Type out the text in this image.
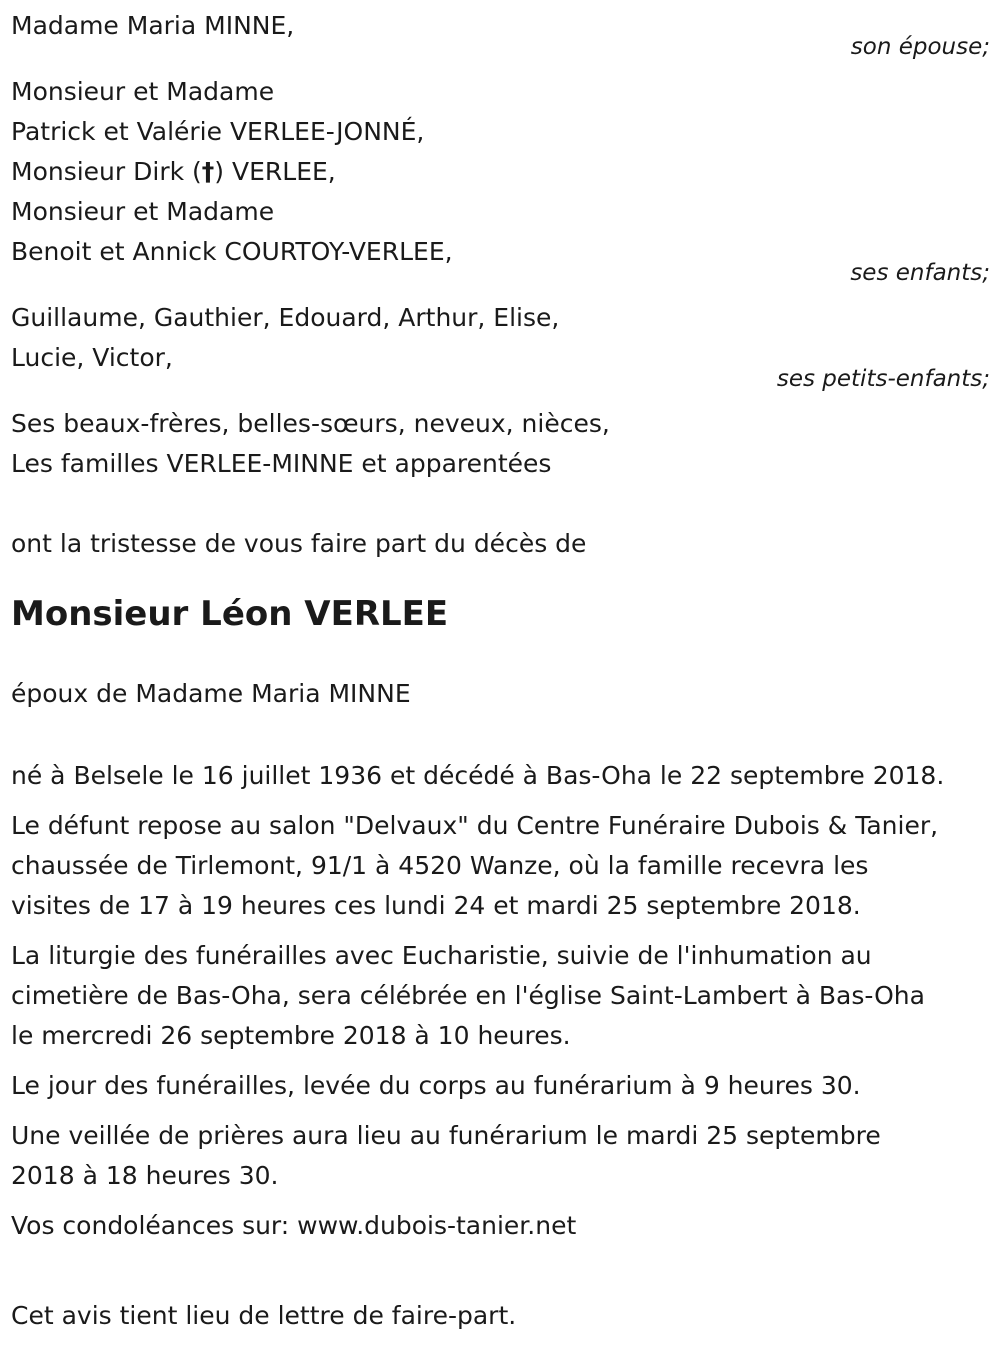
Madame Maria MINNE,
son épouse;
Monsieur et Madame
Patrick et Valérie VERLEE-JONNÉ,
Monsieur Dirk (†) VERLEE,
Monsieur et Madame
Benoit et Annick COURTOY-VERLEE,
ses enfants;
Guillaume, Gauthier, Edouard, Arthur, Elise,
Lucie, Victor,
ses petits-enfants;
Ses beaux-frères, belles-sœurs, neveux, nièces,
Les familles VERLEE-MINNE et apparentées
ont la tristesse de vous faire part du décès de
Monsieur Léon VERLEE
époux de Madame Maria MINNE
né à Belsele le 16 juillet 1936 et décédé à Bas-Oha le 22 septembre 2018.
Le défunt repose au salon "Delvaux" du Centre Funéraire Dubois & Tanier,
chaussée de Tirlemont, 91/1 à 4520 Wanze, où la famille recevra les
visites de 17 à 19 heures ces lundi 24 et mardi 25 septembre 2018.
La liturgie des funérailles avec Eucharistie, suivie de l'inhumation au
cimetière de Bas-Oha, sera célébrée en l'église Saint-Lambert à Bas-Oha
le mercredi 26 septembre 2018 à 10 heures.
Le jour des funérailles, levée du corps au funérarium à 9 heures 30.
Une veillée de prières aura lieu au funérarium le mardi 25 septembre
2018 à 18 heures 30.
Vos condoléances sur: www.dubois-tanier.net
Cet avis tient lieu de lettre de faire-part.
